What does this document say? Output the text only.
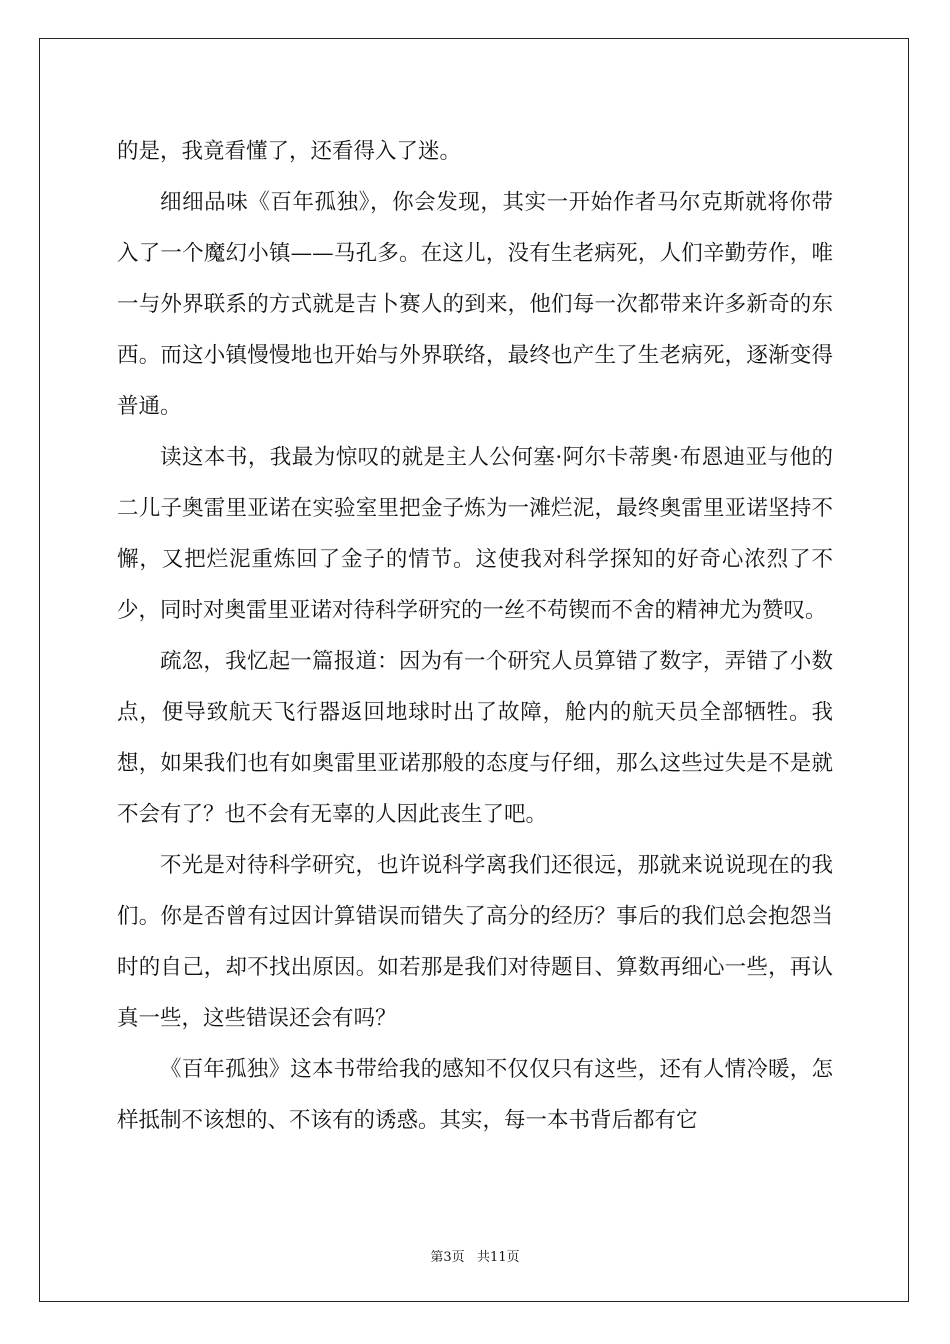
的是，我竟看懂了，还看得入了迷。

细细品味《百年孤独》，你会发现，其实一开始作者马尔克斯就将你带入了一个魔幻小镇——马孔多。在这儿，没有生老病死，人们辛勤劳作，唯一与外界联系的方式就是吉卜赛人的到来，他们每一次都带来许多新奇的东西。而这小镇慢慢地也开始与外界联络，最终也产生了生老病死，逐渐变得普通。

读这本书，我最为惊叹的就是主人公何塞·阿尔卡蒂奥·布恩迪亚与他的二儿子奥雷里亚诺在实验室里把金子炼为一滩烂泥，最终奥雷里亚诺坚持不懈，又把烂泥重炼回了金子的情节。这使我对科学探知的好奇心浓烈了不少，同时对奥雷里亚诺对待科学研究的一丝不苟锲而不舍的精神尤为赞叹。

疏忽，我忆起一篇报道：因为有一个研究人员算错了数字，弄错了小数点，便导致航天飞行器返回地球时出了故障，舱内的航天员全部牺牲。我想，如果我们也有如奥雷里亚诺那般的态度与仔细，那么这些过失是不是就不会有了？也不会有无辜的人因此丧生了吧。

不光是对待科学研究，也许说科学离我们还很远，那就来说说现在的我们。你是否曾有过因计算错误而错失了高分的经历？事后的我们总会抱怨当时的自己，却不找出原因。如若那是我们对待题目、算数再细心一些，再认真一些，这些错误还会有吗？

《百年孤独》这本书带给我的感知不仅仅只有这些，还有人情冷暖，怎样抵制不该想的、不该有的诱惑。其实，每一本书背后都有它

第3页   共11页
